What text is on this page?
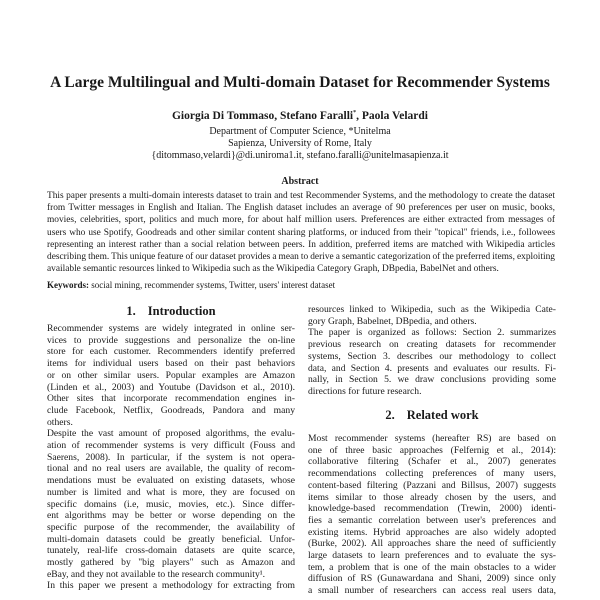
A Large Multilingual and Multi-domain Dataset for Recommender Systems
Giorgia Di Tommaso, Stefano Faralli*, Paola Velardi
Department of Computer Science, *Unitelma
Sapienza, University of Rome, Italy
{ditommaso,velardi}@di.uniroma1.it, stefano.faralli@unitelmasapienza.it
Abstract
This paper presents a multi-domain interests dataset to train and test Recommender Systems, and the methodology to create the dataset
from Twitter messages in English and Italian. The English dataset includes an average of 90 preferences per user on music, books,
movies, celebrities, sport, politics and much more, for about half million users. Preferences are either extracted from messages of
users who use Spotify, Goodreads and other similar content sharing platforms, or induced from their "topical" friends, i.e., followees
representing an interest rather than a social relation between peers. In addition, preferred items are matched with Wikipedia articles
describing them. This unique feature of our dataset provides a mean to derive a semantic categorization of the preferred items, exploiting
available semantic resources linked to Wikipedia such as the Wikipedia Category Graph, DBpedia, BabelNet and others.
Keywords: social mining, recommender systems, Twitter, users' interest dataset
1. Introduction
Recommender systems are widely integrated in online ser-
vices to provide suggestions and personalize the on-line
store for each customer. Recommenders identify preferred
items for individual users based on their past behaviors
or on other similar users. Popular examples are Amazon
(Linden et al., 2003) and Youtube (Davidson et al., 2010).
Other sites that incorporate recommendation engines in-
clude Facebook, Netflix, Goodreads, Pandora and many
others.
Despite the vast amount of proposed algorithms, the evalu-
ation of recommender systems is very difficult (Fouss and
Saerens, 2008). In particular, if the system is not opera-
tional and no real users are available, the quality of recom-
mendations must be evaluated on existing datasets, whose
number is limited and what is more, they are focused on
specific domains (i.e, music, movies, etc.). Since differ-
ent algorithms may be better or worse depending on the
specific purpose of the recommender, the availability of
multi-domain datasets could be greatly beneficial. Unfor-
tunately, real-life cross-domain datasets are quite scarce,
mostly gathered by "big players" such as Amazon and
eBay, and they not available to the research community¹.
In this paper we present a methodology for extracting from
resources linked to Wikipedia, such as the Wikipedia Cate-
gory Graph, Babelnet, DBpedia, and others.
The paper is organized as follows: Section 2. summarizes
previous research on creating datasets for recommender
systems, Section 3. describes our methodology to collect
data, and Section 4. presents and evaluates our results. Fi-
nally, in Section 5. we draw conclusions providing some
directions for future research.
2. Related work
Most recommender systems (hereafter RS) are based on
one of three basic approaches (Felfernig et al., 2014):
collaborative filtering (Schafer et al., 2007) generates
recommendations collecting preferences of many users,
content-based filtering (Pazzani and Billsus, 2007) suggests
items similar to those already chosen by the users, and
knowledge-based recommendation (Trewin, 2000) identi-
fies a semantic correlation between user's preferences and
existing items. Hybrid approaches are also widely adopted
(Burke, 2002). All approaches share the need of sufficiently
large datasets to learn preferences and to evaluate the sys-
tem, a problem that is one of the main obstacles to a wider
diffusion of RS (Gunawardana and Shani, 2009) since only
a small number of researchers can access real users data,
